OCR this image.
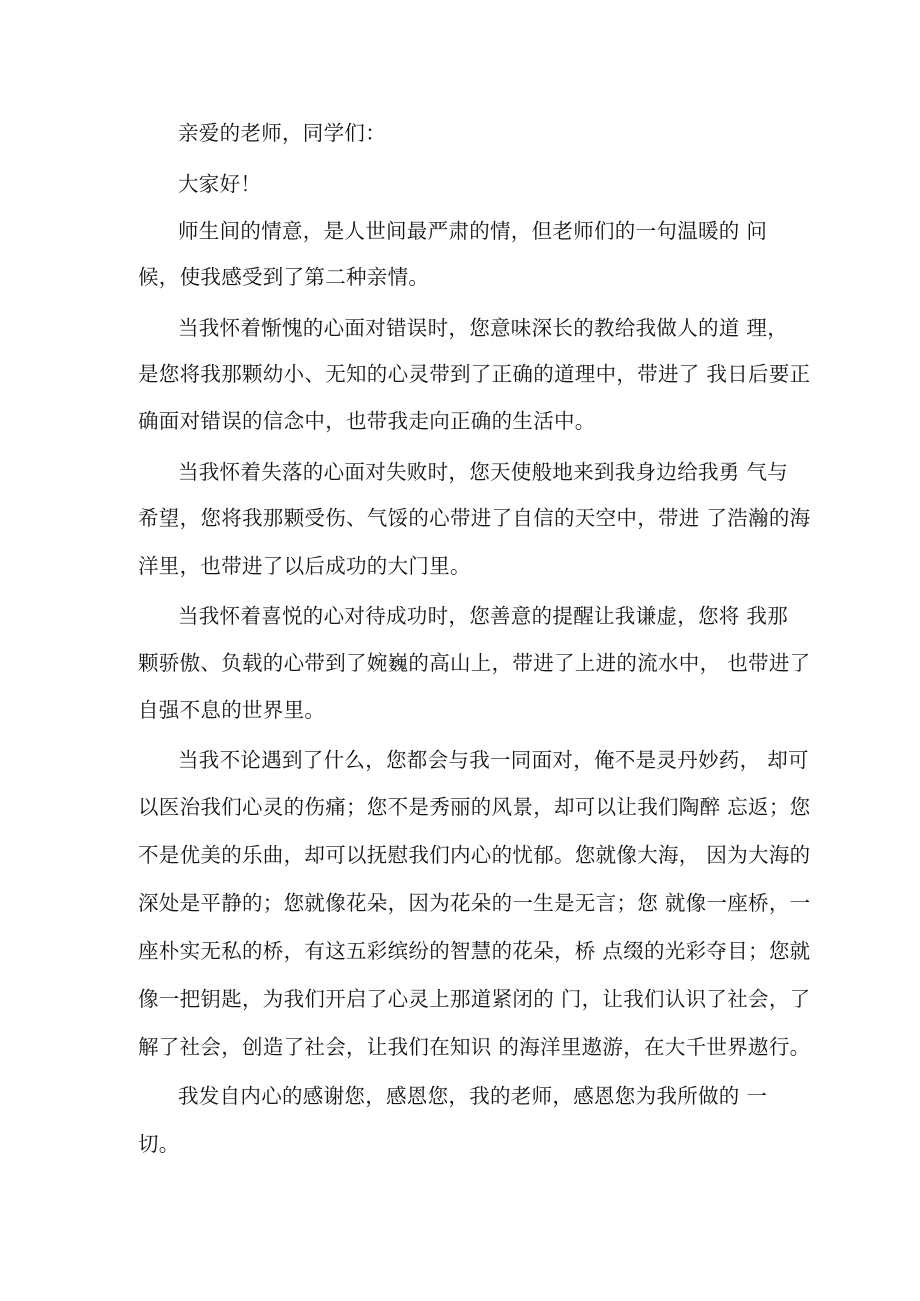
亲爱的老师，同学们：

大家好！

师生间的情意，是人世间最严肃的情，但老师们的一句温暖的 问

候，使我感受到了第二种亲情。

当我怀着惭愧的心面对错误时，您意味深长的教给我做人的道 理，

是您将我那颗幼小、无知的心灵带到了正确的道理中，带进了 我日后要正

确面对错误的信念中，也带我走向正确的生活中。

当我怀着失落的心面对失败时，您天使般地来到我身边给我勇 气与

希望，您将我那颗受伤、气馁的心带进了自信的天空中，带进 了浩瀚的海

洋里，也带进了以后成功的大门里。

当我怀着喜悦的心对待成功时，您善意的提醒让我谦虚，您将 我那

颗骄傲、负载的心带到了婉巍的高山上，带进了上进的流水中， 也带进了

自强不息的世界里。

当我不论遇到了什么，您都会与我一同面对，俺不是灵丹妙药， 却可

以医治我们心灵的伤痛；您不是秀丽的风景，却可以让我们陶醉 忘返；您

不是优美的乐曲，却可以抚慰我们内心的忧郁。您就像大海， 因为大海的

深处是平静的；您就像花朵，因为花朵的一生是无言；您 就像一座桥，一

座朴实无私的桥，有这五彩缤纷的智慧的花朵，桥 点缀的光彩夺目；您就

像一把钥匙，为我们开启了心灵上那道紧闭的 门，让我们认识了社会，了

解了社会，创造了社会，让我们在知识 的海洋里遨游，在大千世界遨行。

我发自内心的感谢您，感恩您，我的老师，感恩您为我所做的 一

切。
